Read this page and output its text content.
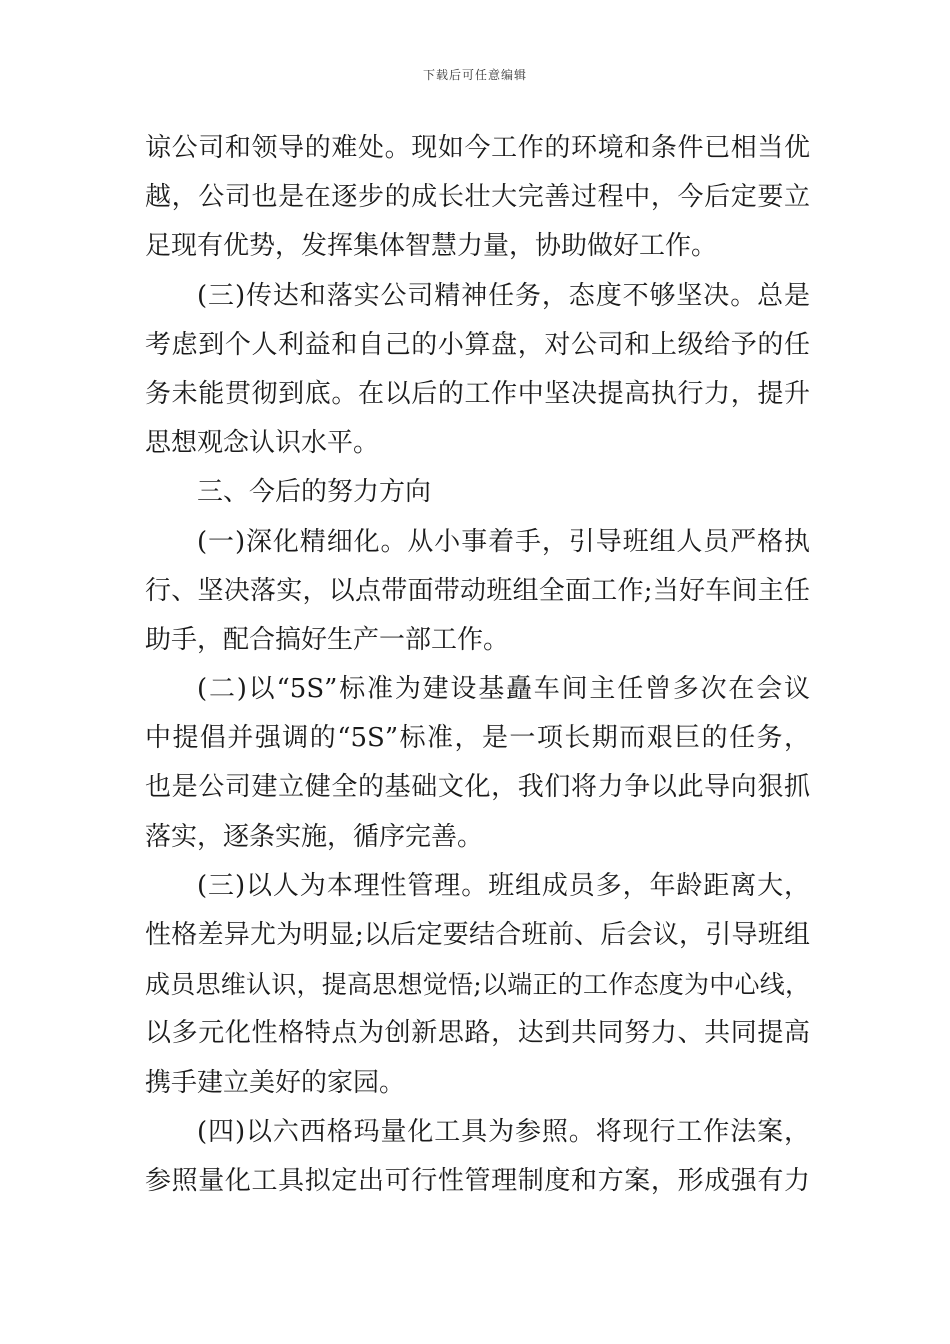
下载后可任意编辑
谅公司和领导的难处。现如今工作的环境和条件已相当优
越，公司也是在逐步的成长壮大完善过程中，今后定要立
足现有优势，发挥集体智慧力量，协助做好工作。
(三)传达和落实公司精神任务，态度不够坚决。总是
考虑到个人利益和自己的小算盘，对公司和上级给予的任
务未能贯彻到底。在以后的工作中坚决提高执行力，提升
思想观念认识水平。
三、今后的努力方向
(一)深化精细化。从小事着手，引导班组人员严格执
行、坚决落实，以点带面带动班组全面工作;当好车间主任
助手，配合搞好生产一部工作。
(二)以“5S”标准为建设基矗车间主任曾多次在会议
中提倡并强调的“5S”标准，是一项长期而艰巨的任务，
也是公司建立健全的基础文化，我们将力争以此导向狠抓
落实，逐条实施，循序完善。
(三)以人为本理性管理。班组成员多，年龄距离大，
性格差异尤为明显;以后定要结合班前、后会议，引导班组
成员思维认识，提高思想觉悟;以端正的工作态度为中心线，
以多元化性格特点为创新思路，达到共同努力、共同提高
携手建立美好的家园。
(四)以六西格玛量化工具为参照。将现行工作法案，
参照量化工具拟定出可行性管理制度和方案，形成强有力
